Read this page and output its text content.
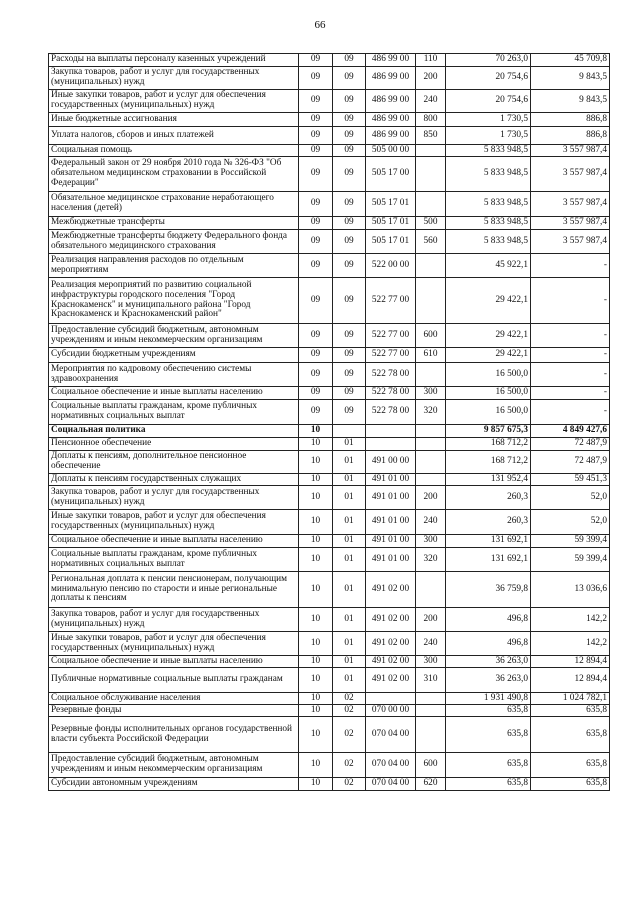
66
Расходы на выплаты персоналу казенных учреждений	09	09	486 99 00	110	70 263,0	45 709,8
Закупка товаров, работ и услуг для государственных (муниципальных) нужд	09	09	486 99 00	200	20 754,6	9 843,5
Иные закупки товаров, работ и услуг для обеспечения государственных (муниципальных) нужд	09	09	486 99 00	240	20 754,6	9 843,5
Иные бюджетные ассигнования	09	09	486 99 00	800	1 730,5	886,8
Уплата налогов, сборов и иных платежей	09	09	486 99 00	850	1 730,5	886,8
Социальная помощь	09	09	505 00 00		5 833 948,5	3 557 987,4
Федеральный закон от 29 ноября 2010 года № 326-ФЗ "Об обязательном медицинском страховании в Российской Федерации"	09	09	505 17 00		5 833 948,5	3 557 987,4
Обязательное медицинское страхование неработающего населения (детей)	09	09	505 17 01		5 833 948,5	3 557 987,4
Межбюджетные трансферты	09	09	505 17 01	500	5 833 948,5	3 557 987,4
Межбюджетные трансферты бюджету Федерального фонда обязательного медицинского страхования	09	09	505 17 01	560	5 833 948,5	3 557 987,4
Реализация направления расходов по отдельным мероприятиям	09	09	522 00 00		45 922,1	-
Реализация мероприятий по развитию социальной инфраструктуры городского поселения "Город Краснокаменск" и муниципального района "Город Краснокаменск и Краснокаменский район"	09	09	522 77 00		29 422,1	-
Предоставление субсидий бюджетным, автономным учреждениям и иным некоммерческим организациям	09	09	522 77 00	600	29 422,1	-
Субсидии бюджетным учреждениям	09	09	522 77 00	610	29 422,1	-
Мероприятия по кадровому обеспечению системы здравоохранения	09	09	522 78 00		16 500,0	-
Социальное обеспечение и иные выплаты населению	09	09	522 78 00	300	16 500,0	-
Социальные выплаты гражданам, кроме публичных нормативных социальных выплат	09	09	522 78 00	320	16 500,0	-
Социальная политика	10				9 857 675,3	4 849 427,6
Пенсионное обеспечение	10	01			168 712,2	72 487,9
Доплаты к пенсиям, дополнительное пенсионное обеспечение	10	01	491 00 00		168 712,2	72 487,9
Доплаты к пенсиям государственных служащих	10	01	491 01 00		131 952,4	59 451,3
Закупка товаров, работ и услуг для государственных (муниципальных) нужд	10	01	491 01 00	200	260,3	52,0
Иные закупки товаров, работ и услуг для обеспечения государственных (муниципальных) нужд	10	01	491 01 00	240	260,3	52,0
Социальное обеспечение и иные выплаты населению	10	01	491 01 00	300	131 692,1	59 399,4
Социальные выплаты гражданам, кроме публичных нормативных социальных выплат	10	01	491 01 00	320	131 692,1	59 399,4
Региональная доплата к пенсии пенсионерам, получающим минимальную пенсию по старости и иные региональные доплаты к пенсиям	10	01	491 02 00		36 759,8	13 036,6
Закупка товаров, работ и услуг для государственных (муниципальных) нужд	10	01	491 02 00	200	496,8	142,2
Иные закупки товаров, работ и услуг для обеспечения государственных (муниципальных) нужд	10	01	491 02 00	240	496,8	142,2
Социальное обеспечение и иные выплаты населению	10	01	491 02 00	300	36 263,0	12 894,4
Публичные нормативные социальные выплаты гражданам	10	01	491 02 00	310	36 263,0	12 894,4
Социальное обслуживание населения	10	02			1 931 490,8	1 024 782,1
Резервные фонды	10	02	070 00 00		635,8	635,8
Резервные фонды исполнительных органов государственной власти субъекта Российской Федерации	10	02	070 04 00		635,8	635,8
Предоставление субсидий бюджетным, автономным учреждениям и иным некоммерческим организациям	10	02	070 04 00	600	635,8	635,8
Субсидии автономным учреждениям	10	02	070 04 00	620	635,8	635,8
